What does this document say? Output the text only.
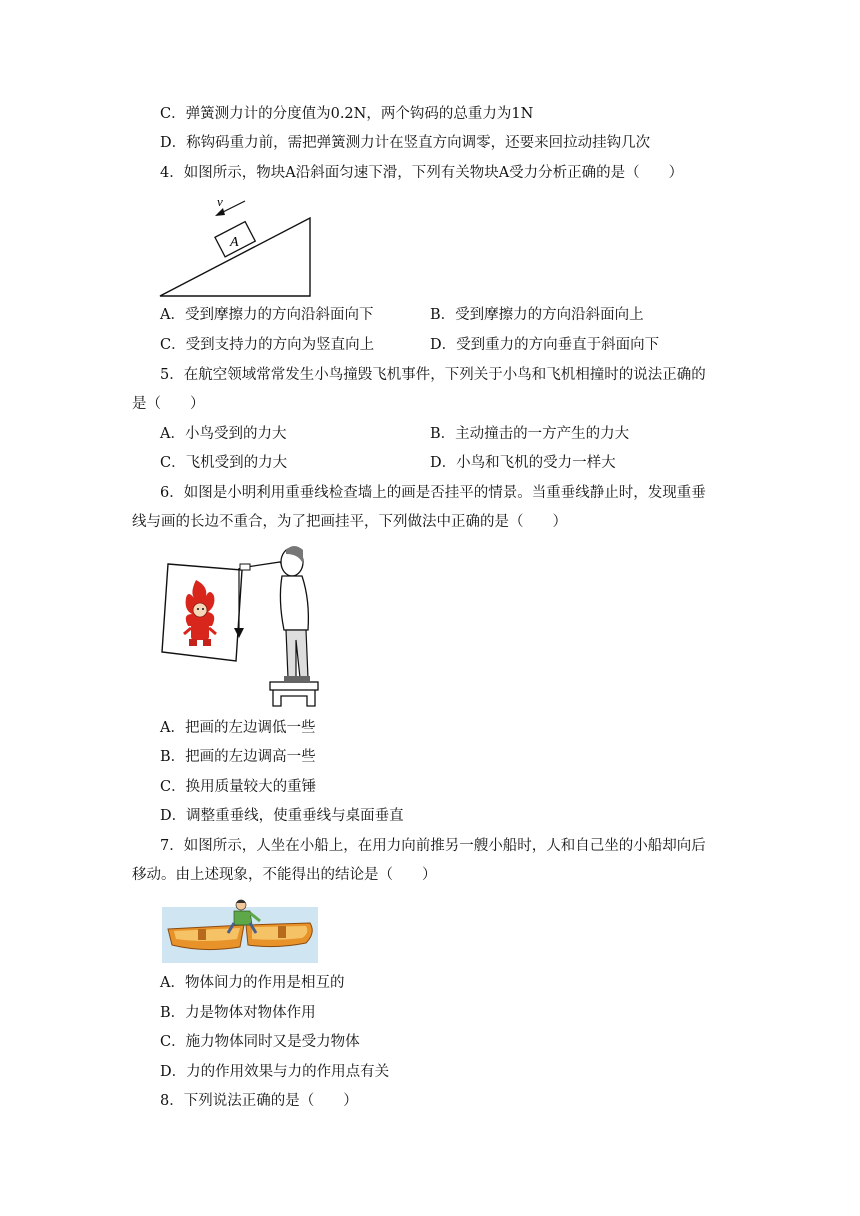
C．弹簧测力计的分度值为0.2N，两个钩码的总重力为1N
D．称钩码重力前，需把弹簧测力计在竖直方向调零，还要来回拉动挂钩几次
4．如图所示，物块A沿斜面匀速下滑，下列有关物块A受力分析正确的是（　　）
A
v
A．受到摩擦力的方向沿斜面向下	B．受到摩擦力的方向沿斜面向上
C．受到支持力的方向为竖直向上	D．受到重力的方向垂直于斜面向下
5．在航空领域常常发生小鸟撞毁飞机事件，下列关于小鸟和飞机相撞时的说法正确的
是（　　）
A．小鸟受到的力大	B．主动撞击的一方产生的力大
C．飞机受到的力大	D．小鸟和飞机的受力一样大
6．如图是小明利用重垂线检查墙上的画是否挂平的情景。当重垂线静止时，发现重垂
线与画的长边不重合，为了把画挂平，下列做法中正确的是（　　）
A．把画的左边调低一些
B．把画的左边调高一些
C．换用质量较大的重锤
D．调整重垂线，使重垂线与桌面垂直
7．如图所示，人坐在小船上，在用力向前推另一艘小船时，人和自己坐的小船却向后
移动。由上述现象，不能得出的结论是（　　）
A．物体间力的作用是相互的
B．力是物体对物体作用
C．施力物体同时又是受力物体
D．力的作用效果与力的作用点有关
8．下列说法正确的是（　　）
